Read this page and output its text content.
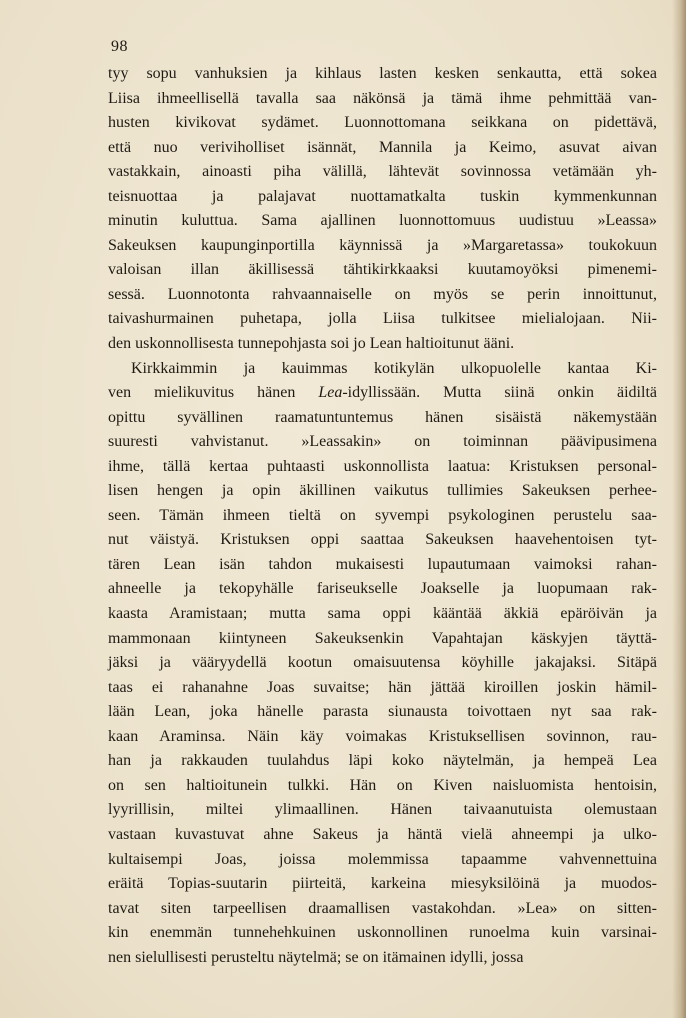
98
tyy sopu vanhuksien ja kihlaus lasten kesken senkautta, että sokea
Liisa ihmeellisellä tavalla saa näkönsä ja tämä ihme pehmittää van-
husten kivikovat sydämet. Luonnottomana seikkana on pidettävä,
että nuo veriviholliset isännät, Mannila ja Keimo, asuvat aivan
vastakkain, ainoasti piha välillä, lähtevät sovinnossa vetämään yh-
teisnuottaa ja palajavat nuottamatkalta tuskin kymmenkunnan
minutin kuluttua. Sama ajallinen luonnottomuus uudistuu »Leassa»
Sakeuksen kaupunginportilla käynnissä ja »Margaretassa» toukokuun
valoisan illan äkillisessä tähtikirkkaaksi kuutamoyöksi pimenemi-
sessä. Luonnotonta rahvaannaiselle on myös se perin innoittunut,
taivashurmainen puhetapa, jolla Liisa tulkitsee mielialojaan. Nii-
den uskonnollisesta tunnepohjasta soi jo Lean haltioitunut ääni.
Kirkkaimmin ja kauimmas kotikylän ulkopuolelle kantaa Ki-
ven mielikuvitus hänen Lea-idyllissään. Mutta siinä onkin äidiltä
opittu syvällinen raamatuntuntemus hänen sisäistä näkemystään
suuresti vahvistanut. »Leassakin» on toiminnan päävipusimena
ihme, tällä kertaa puhtaasti uskonnollista laatua: Kristuksen personal-
lisen hengen ja opin äkillinen vaikutus tullimies Sakeuksen perhee-
seen. Tämän ihmeen tieltä on syvempi psykologinen perustelu saa-
nut väistyä. Kristuksen oppi saattaa Sakeuksen haavehentoisen tyt-
tären Lean isän tahdon mukaisesti lupautumaan vaimoksi rahan-
ahneelle ja tekopyhälle fariseukselle Joakselle ja luopumaan rak-
kaasta Aramistaan; mutta sama oppi kääntää äkkiä epäröivän ja
mammonaan kiintyneen Sakeuksenkin Vapahtajan käskyjen täyttä-
jäksi ja vääryydellä kootun omaisuutensa köyhille jakajaksi. Sitäpä
taas ei rahanahne Joas suvaitse; hän jättää kiroillen joskin hämil-
lään Lean, joka hänelle parasta siunausta toivottaen nyt saa rak-
kaan Araminsa. Näin käy voimakas Kristuksellisen sovinnon, rau-
han ja rakkauden tuulahdus läpi koko näytelmän, ja hempeä Lea
on sen haltioitunein tulkki. Hän on Kiven naisluomista hentoisin,
lyyrillisin, miltei ylimaallinen. Hänen taivaanutuista olemustaan
vastaan kuvastuvat ahne Sakeus ja häntä vielä ahneempi ja ulko-
kultaisempi Joas, joissa molemmissa tapaamme vahvennettuina
eräitä Topias-suutarin piirteitä, karkeina miesyksilöinä ja muodos-
tavat siten tarpeellisen draamallisen vastakohdan. »Lea» on sitten-
kin enemmän tunnehehkuinen uskonnollinen runoelma kuin varsinai-
nen sielullisesti perusteltu näytelmä; se on itämainen idylli, jossa
